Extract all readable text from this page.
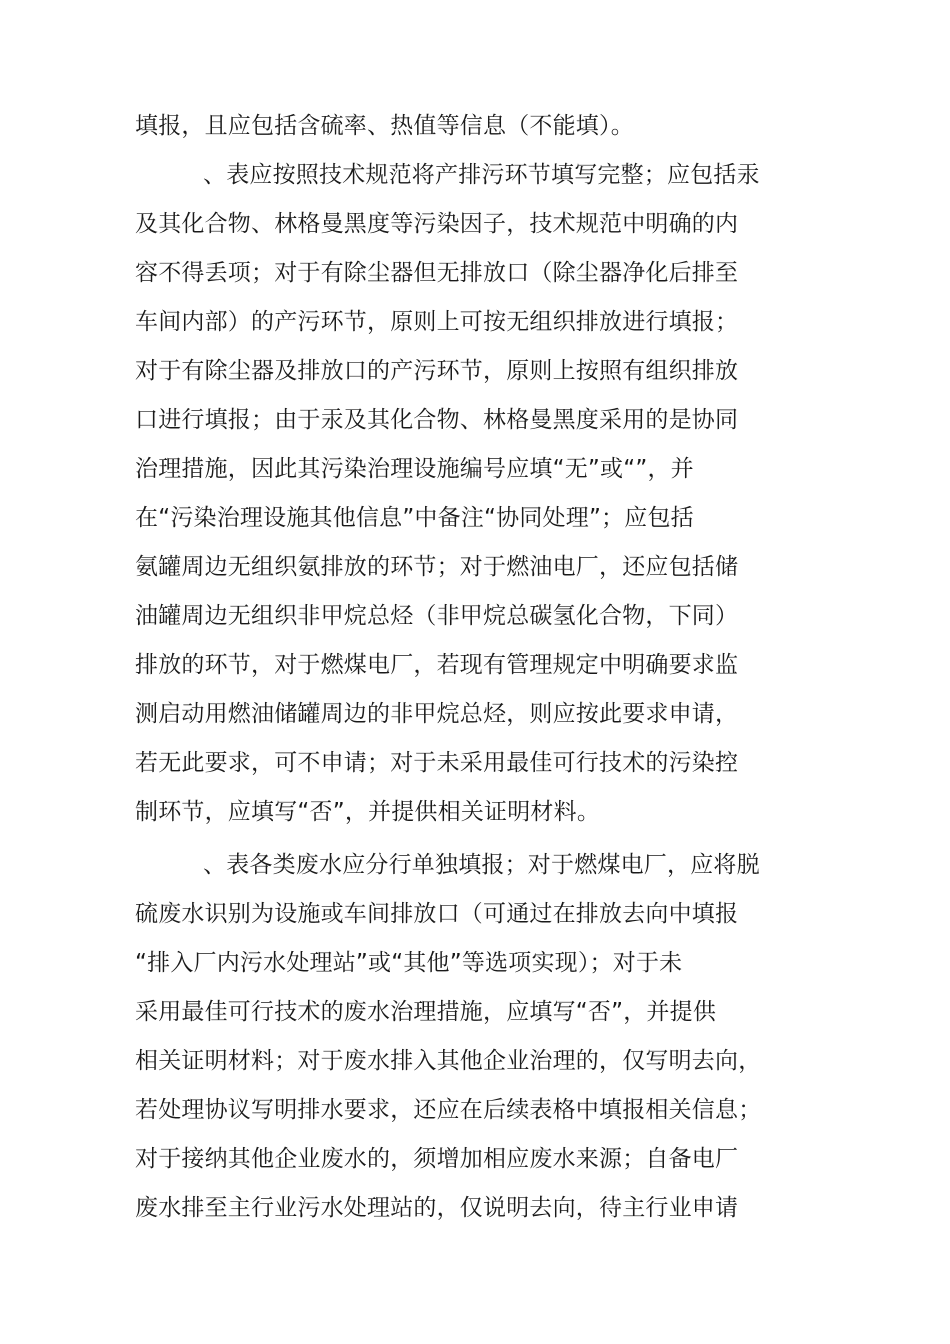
填报，且应包括含硫率、热值等信息（不能填）。
、表应按照技术规范将产排污环节填写完整；应包括汞
及其化合物、林格曼黑度等污染因子，技术规范中明确的内
容不得丢项；对于有除尘器但无排放口（除尘器净化后排至
车间内部）的产污环节，原则上可按无组织排放进行填报；
对于有除尘器及排放口的产污环节，原则上按照有组织排放
口进行填报；由于汞及其化合物、林格曼黑度采用的是协同
治理措施，因此其污染治理设施编号应填“无”或“”，并
在“污染治理设施其他信息”中备注“协同处理”；应包括
氨罐周边无组织氨排放的环节；对于燃油电厂，还应包括储
油罐周边无组织非甲烷总烃（非甲烷总碳氢化合物，下同）
排放的环节，对于燃煤电厂，若现有管理规定中明确要求监
测启动用燃油储罐周边的非甲烷总烃，则应按此要求申请，
若无此要求，可不申请；对于未采用最佳可行技术的污染控
制环节，应填写“否”，并提供相关证明材料。
、表各类废水应分行单独填报；对于燃煤电厂，应将脱
硫废水识别为设施或车间排放口（可通过在排放去向中填报
“排入厂内污水处理站”或“其他”等选项实现）；对于未
采用最佳可行技术的废水治理措施，应填写“否”，并提供
相关证明材料；对于废水排入其他企业治理的，仅写明去向，
若处理协议写明排水要求，还应在后续表格中填报相关信息；
对于接纳其他企业废水的，须增加相应废水来源；自备电厂
废水排至主行业污水处理站的，仅说明去向，待主行业申请
